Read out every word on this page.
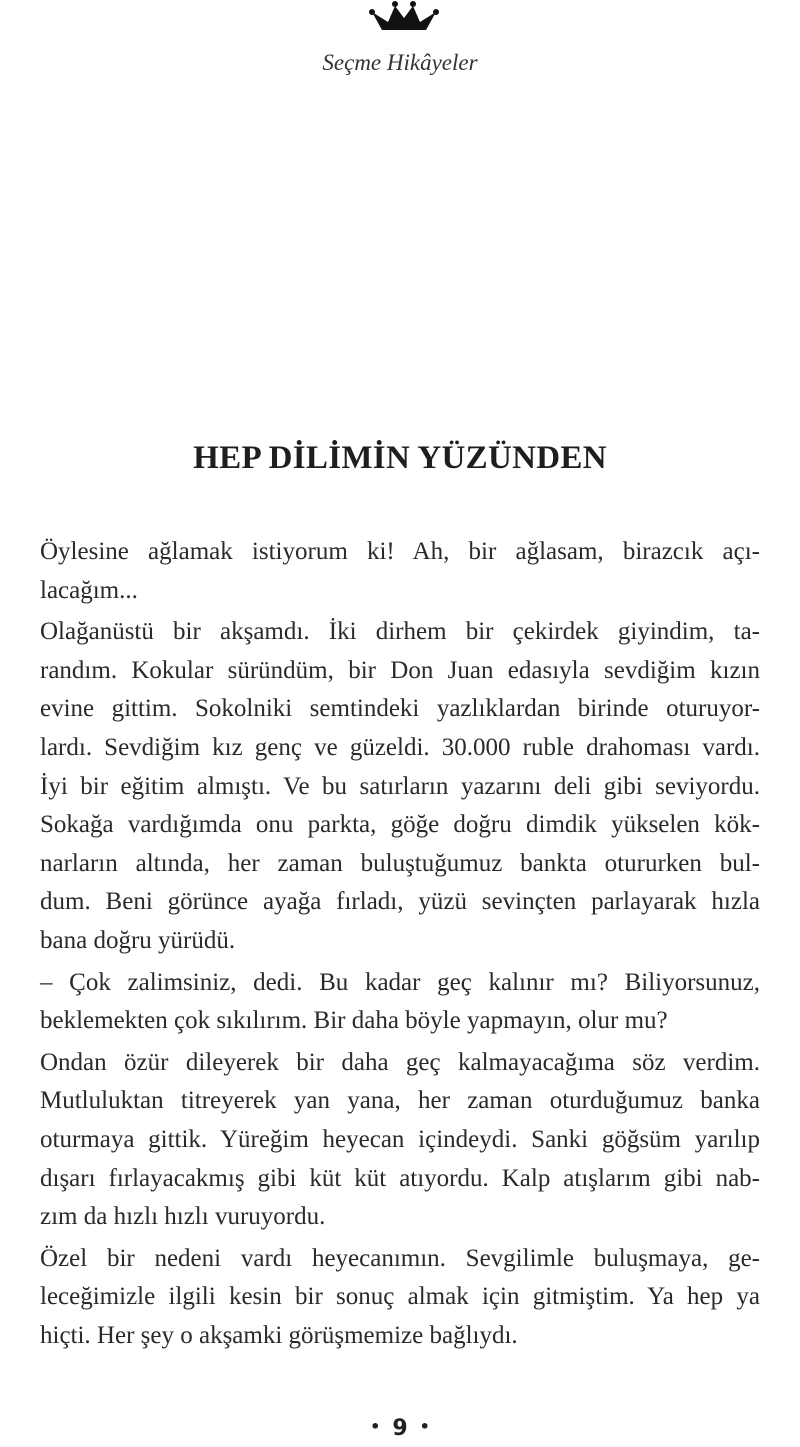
Seçme Hikâyeler
HEP DİLİMİN YÜZÜNDEN
Öylesine ağlamak istiyorum ki! Ah, bir ağlasam, birazcık açı-
lacağım...
Olağanüstü bir akşamdı. İki dirhem bir çekirdek giyindim, ta-
randım. Kokular süründüm, bir Don Juan edasıyla sevdiğim kızın
evine gittim. Sokolniki semtindeki yazlıklardan birinde oturuyor-
lardı. Sevdiğim kız genç ve güzeldi. 30.000 ruble drahoması vardı.
İyi bir eğitim almıştı. Ve bu satırların yazarını deli gibi seviyordu.
Sokağa vardığımda onu parkta, göğe doğru dimdik yükselen kök-
narların altında, her zaman buluştuğumuz bankta otururken bul-
dum. Beni görünce ayağa fırladı, yüzü sevinçten parlayarak hızla
bana doğru yürüdü.
– Çok zalimsiniz, dedi. Bu kadar geç kalınır mı? Biliyorsunuz,
beklemekten çok sıkılırım. Bir daha böyle yapmayın, olur mu?
Ondan özür dileyerek bir daha geç kalmayacağıma söz verdim.
Mutluluktan titreyerek yan yana, her zaman oturduğumuz banka
oturmaya gittik. Yüreğim heyecan içindeydi. Sanki göğsüm yarılıp
dışarı fırlayacakmış gibi küt küt atıyordu. Kalp atışlarım gibi nab-
zım da hızlı hızlı vuruyordu.
Özel bir nedeni vardı heyecanımın. Sevgilimle buluşmaya, ge-
leceğimizle ilgili kesin bir sonuç almak için gitmiştim. Ya hep ya
hiçti. Her şey o akşamki görüşmemize bağlıydı.
• 9 •
